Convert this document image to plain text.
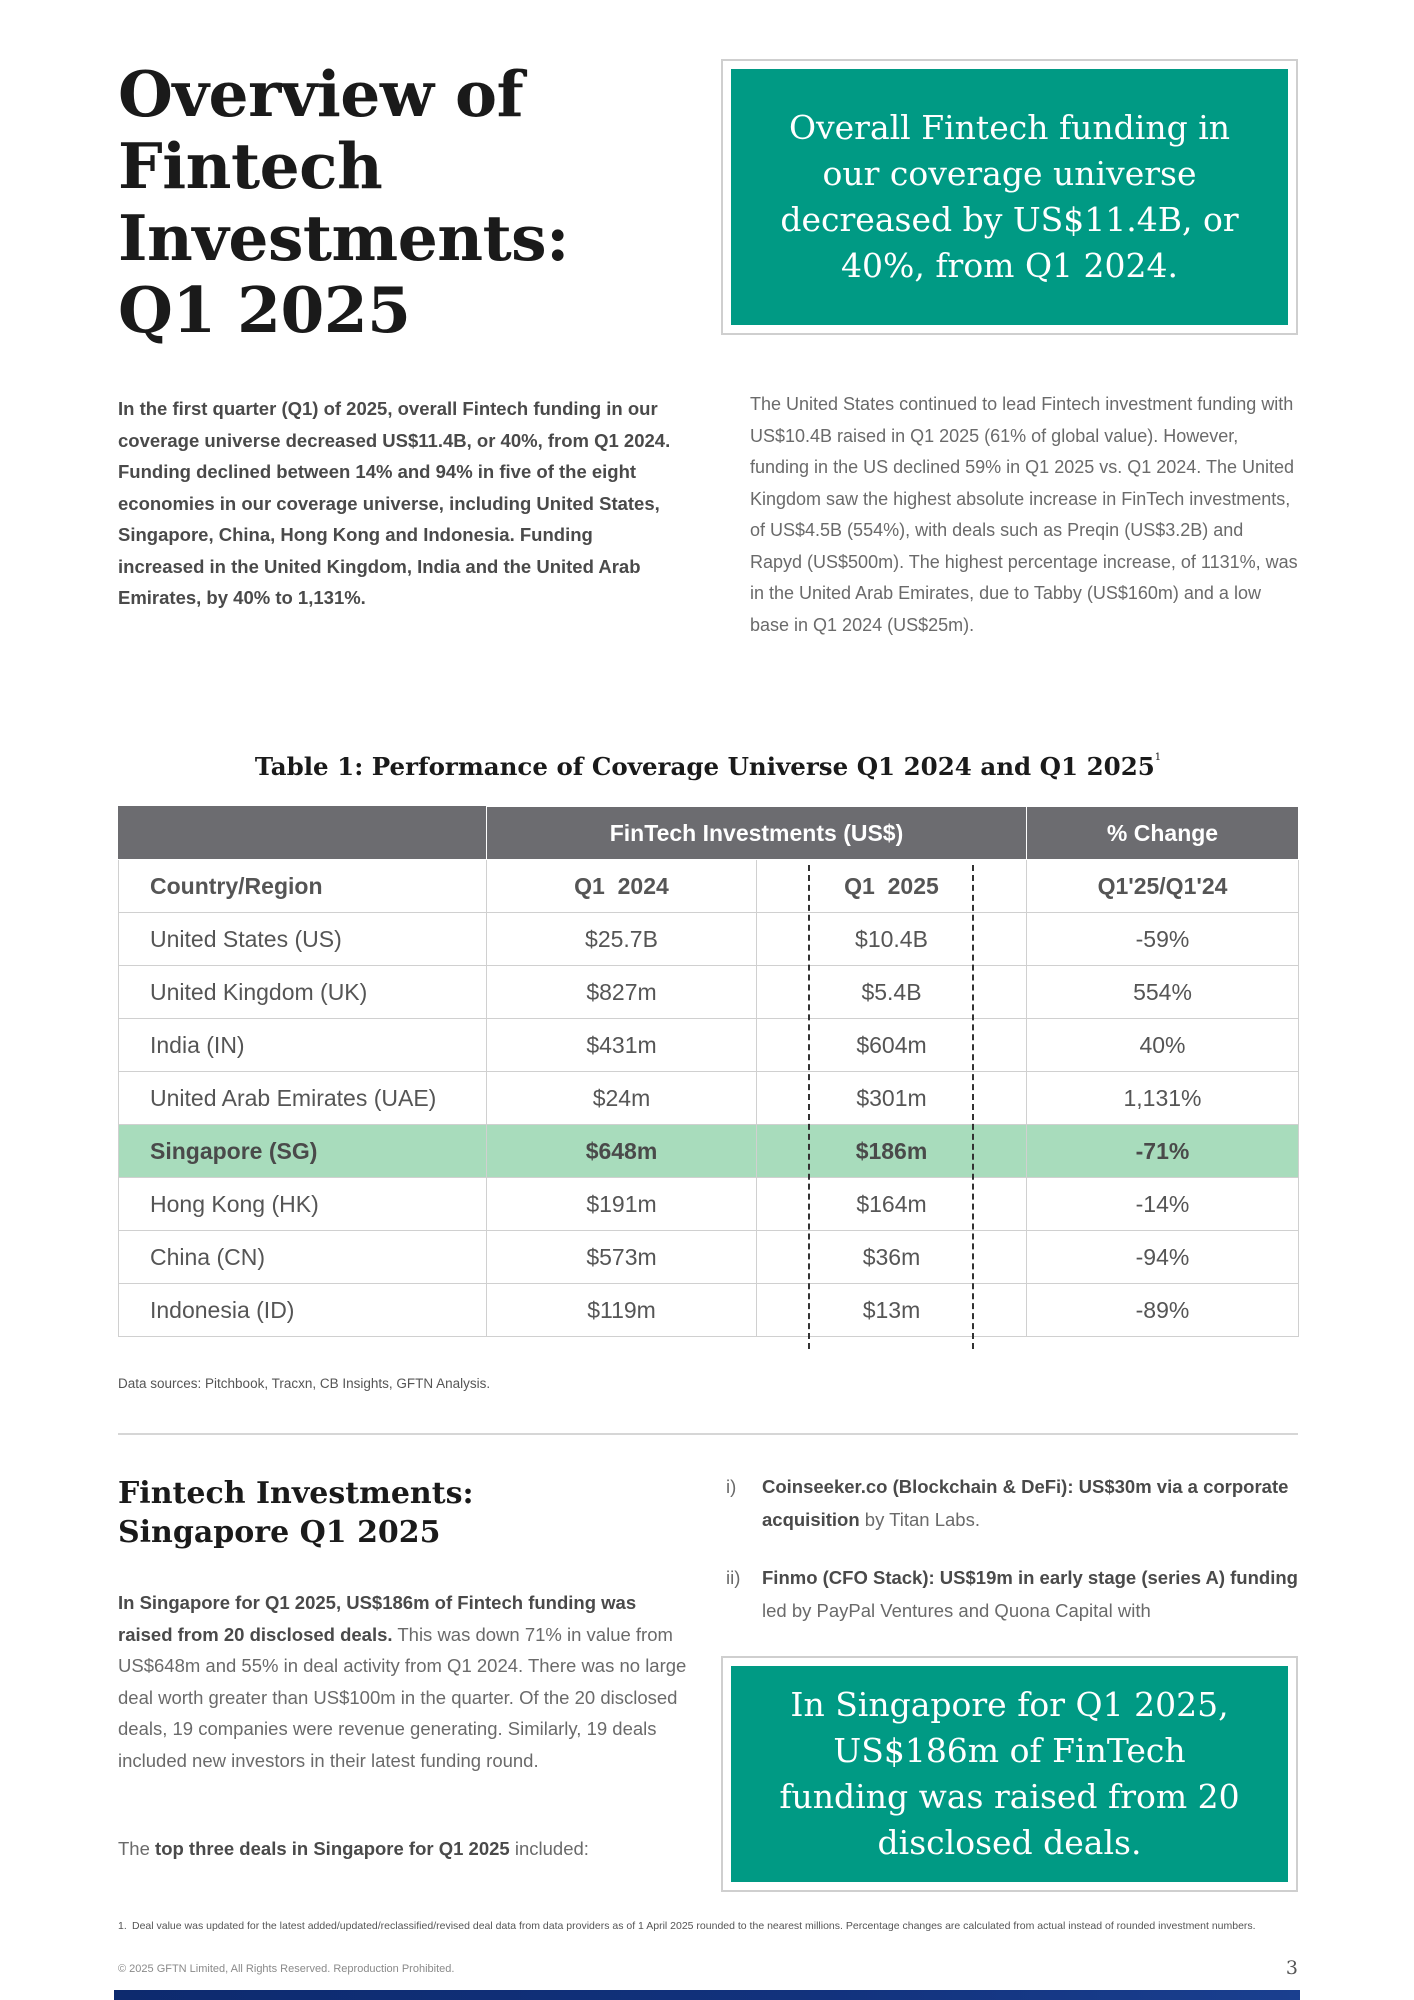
Overview of
Fintech
Investments:
Q1 2025
Overall Fintech funding in our coverage universe decreased by US$11.4B, or 40%, from Q1 2024.

In the first quarter (Q1) of 2025, overall Fintech funding in our coverage universe decreased US$11.4B, or 40%, from Q1 2024. Funding declined between 14% and 94% in five of the eight economies in our coverage universe, including United States, Singapore, China, Hong Kong and Indonesia. Funding increased in the United Kingdom, India and the United Arab Emirates, by 40% to 1,131%.

The United States continued to lead Fintech investment funding with US$10.4B raised in Q1 2025 (61% of global value). However, funding in the US declined 59% in Q1 2025 vs. Q1 2024. The United Kingdom saw the highest absolute increase in FinTech investments, of US$4.5B (554%), with deals such as Preqin (US$3.2B) and Rapyd (US$500m). The highest percentage increase, of 1131%, was in the United Arab Emirates, due to Tabby (US$160m) and a low base in Q1 2024 (US$25m).

Table 1: Performance of Coverage Universe Q1 2024 and Q1 2025$^1$

	FinTech Investments (US$)		% Change
Country/Region	Q1  2024	Q1  2025	Q1'25/Q1'24
United States (US)	$25.7B	$10.4B	-59%
United Kingdom (UK)	$827m	$5.4B	554%
India (IN)	$431m	$604m	40%
United Arab Emirates (UAE)	$24m	$301m	1,131%
Singapore (SG)	$648m	$186m	-71%
Hong Kong (HK)	$191m	$164m	-14%
China (CN)	$573m	$36m	-94%
Indonesia (ID)	$119m	$13m	-89%

Data sources: Pitchbook, Tracxn, CB Insights, GFTN Analysis.

Fintech Investments:
Singapore Q1 2025

In Singapore for Q1 2025, US$186m of Fintech funding was raised from 20 disclosed deals. This was down 71% in value from US$648m and 55% in deal activity from Q1 2024. There was no large deal worth greater than US$100m in the quarter. Of the 20 disclosed deals, 19 companies were revenue generating. Similarly, 19 deals included new investors in their latest funding round.

The top three deals in Singapore for Q1 2025 included:

i)	Coinseeker.co (Blockchain & DeFi): US$30m via a corporate acquisition by Titan Labs.

ii)	Finmo (CFO Stack): US$19m in early stage (series A) funding led by PayPal Ventures and Quona Capital with

In Singapore for Q1 2025, US$186m of FinTech funding was raised from 20 disclosed deals.

1. Deal value was updated for the latest added/updated/reclassified/revised deal data from data providers as of 1 April 2025 rounded to the nearest millions. Percentage changes are calculated from actual instead of rounded investment numbers.

© 2025 GFTN Limited, All Rights Reserved. Reproduction Prohibited.	3
